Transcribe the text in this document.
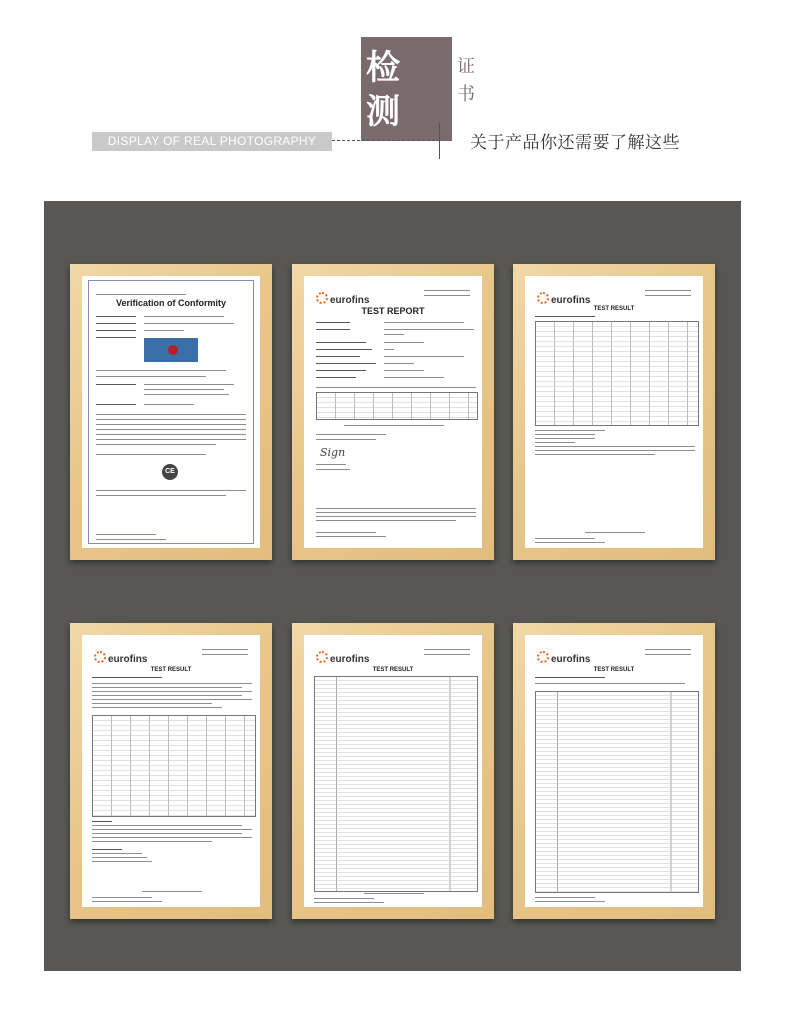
检
测
证
书
DISPLAY OF REAL PHOTOGRAPHY	关于产品你还需要了解这些
Verification of Conformity
CE
eurofins
TEST REPORT
Sign
eurofins
TEST RESULT
eurofins
TEST RESULT
eurofins
TEST RESULT
eurofins
TEST RESULT
